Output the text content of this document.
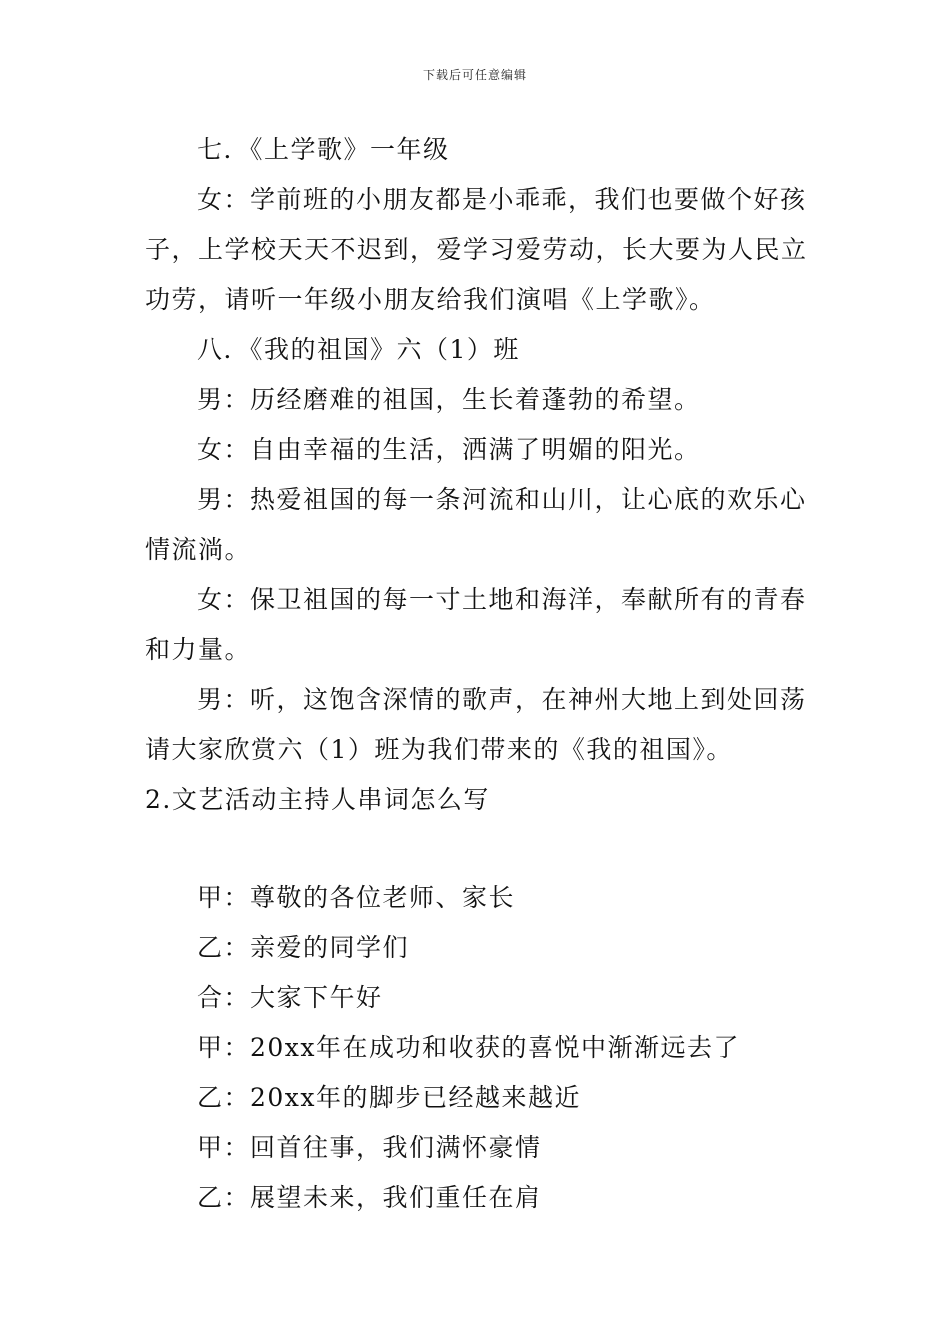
下载后可任意编辑
七．《上学歌》一年级
女：学前班的小朋友都是小乖乖，我们也要做个好孩
子，上学校天天不迟到，爱学习爱劳动，长大要为人民立
功劳，请听一年级小朋友给我们演唱《上学歌》。
八．《我的祖国》六（1）班
男：历经磨难的祖国，生长着蓬勃的希望。
女：自由幸福的生活，洒满了明媚的阳光。
男：热爱祖国的每一条河流和山川，让心底的欢乐心
情流淌。
女：保卫祖国的每一寸土地和海洋，奉献所有的青春
和力量。
男：听，这饱含深情的歌声，在神州大地上到处回荡
请大家欣赏六（1）班为我们带来的《我的祖国》。
2.文艺活动主持人串词怎么写
甲：尊敬的各位老师、家长
乙：亲爱的同学们
合：大家下午好
甲：20xx年在成功和收获的喜悦中渐渐远去了
乙：20xx年的脚步已经越来越近
甲：回首往事，我们满怀豪情
乙：展望未来，我们重任在肩
